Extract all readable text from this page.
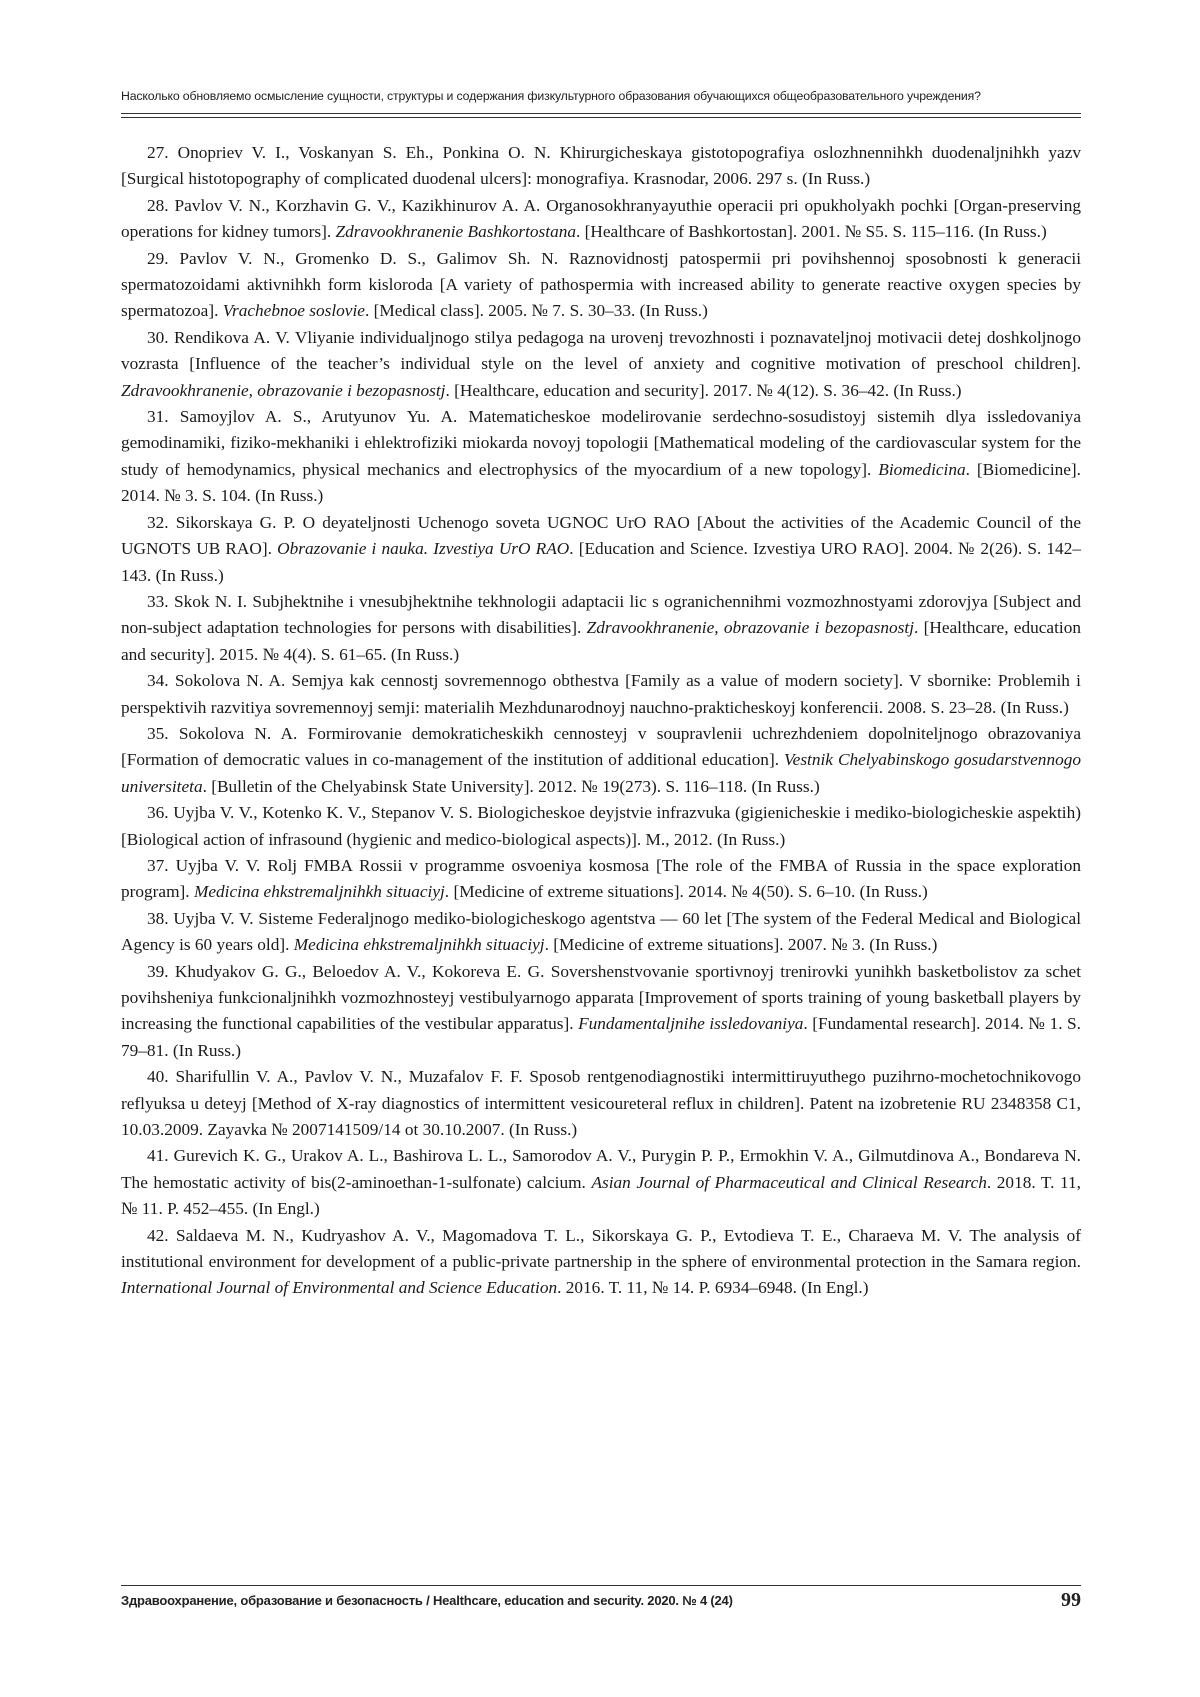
Насколько обновляемо осмысление сущности, структуры и содержания физкультурного образования обучающихся общеобразовательного учреждения?

27. Onopriev V. I., Voskanyan S. Eh., Ponkina O. N. Khirurgicheskaya gistotopografiya oslozhnennihkh duodenaljnihkh yazv [Surgical histotopography of complicated duodenal ulcers]: monografiya. Krasnodar, 2006. 297 s. (In Russ.)

28. Pavlov V. N., Korzhavin G. V., Kazikhinurov A. A. Organosokhranyayuthie operacii pri opukholyakh pochki [Organ-preserving operations for kidney tumors]. Zdravookhranenie Bashkortostana. [Healthcare of Bashkortostan]. 2001. № S5. S. 115–116. (In Russ.)

29. Pavlov V. N., Gromenko D. S., Galimov Sh. N. Raznovidnostj patospermii pri povihshennoj sposobnosti k generacii spermatozoidami aktivnihkh form kisloroda [A variety of pathospermia with increased ability to generate reactive oxygen species by spermatozoa]. Vrachebnoe soslovie. [Medical class]. 2005. № 7. S. 30–33. (In Russ.)

30. Rendikova A. V. Vliyanie individualjnogo stilya pedagoga na urovenj trevozhnosti i poznavateljnoj motivacii detej doshkoljnogo vozrasta [Influence of the teacher’s individual style on the level of anxiety and cognitive motivation of preschool children]. Zdravookhranenie, obrazovanie i bezopasnostj. [Healthcare, education and security]. 2017. № 4(12). S. 36–42. (In Russ.)

31. Samoyjlov A. S., Arutyunov Yu. A. Matematicheskoe modelirovanie serdechno-sosudistoyj sistemih dlya issledovaniya gemodinamiki, fiziko-mekhaniki i ehlektrofiziki miokarda novoyj topologii [Mathematical modeling of the cardiovascular system for the study of hemodynamics, physical mechanics and electrophysics of the myocardium of a new topology]. Biomedicina. [Biomedicine]. 2014. № 3. S. 104. (In Russ.)

32. Sikorskaya G. P. O deyateljnosti Uchenogo soveta UGNOC UrO RAO [About the activities of the Academic Council of the UGNOTS UB RAO]. Obrazovanie i nauka. Izvestiya UrO RAO. [Education and Science. Izvestiya URO RAO]. 2004. № 2(26). S. 142–143. (In Russ.)

33. Skok N. I. Subjhektnihe i vnesubjhektnihe tekhnologii adaptacii lic s ogranichennihmi vozmozhnostyami zdorovjya [Subject and non-subject adaptation technologies for persons with disabilities]. Zdravookhranenie, obrazovanie i bezopasnostj. [Healthcare, education and security]. 2015. № 4(4). S. 61–65. (In Russ.)

34. Sokolova N. A. Semjya kak cennostj sovremennogo obthestva [Family as a value of modern society]. V sbornike: Problemih i perspektivih razvitiya sovremennoyj semji: materialih Mezhdunarodnoyj nauchno-prakticheskoyj konferencii. 2008. S. 23–28. (In Russ.)

35. Sokolova N. A. Formirovanie demokraticheskikh cennosteyj v soupravlenii uchrezhdeniem dopolniteljnogo obrazovaniya [Formation of democratic values in co-management of the institution of additional education]. Vestnik Chelyabinskogo gosudarstvennogo universiteta. [Bulletin of the Chelyabinsk State University]. 2012. № 19(273). S. 116–118. (In Russ.)

36. Uyjba V. V., Kotenko K. V., Stepanov V. S. Biologicheskoe deyjstvie infrazvuka (gigienicheskie i mediko-biologicheskie aspektih) [Biological action of infrasound (hygienic and medico-biological aspects)]. M., 2012. (In Russ.)

37. Uyjba V. V. Rolj FMBA Rossii v programme osvoeniya kosmosa [The role of the FMBA of Russia in the space exploration program]. Medicina ehkstremaljnihkh situaciyj. [Medicine of extreme situations]. 2014. № 4(50). S. 6–10. (In Russ.)

38. Uyjba V. V. Sisteme Federaljnogo mediko-biologicheskogo agentstva — 60 let [The system of the Federal Medical and Biological Agency is 60 years old]. Medicina ehkstremaljnihkh situaciyj. [Medicine of extreme situations]. 2007. № 3. (In Russ.)

39. Khudyakov G. G., Beloedov A. V., Kokoreva E. G. Sovershenstvovanie sportivnoyj trenirovki yunihkh basketbolistov za schet povihsheniya funkcionaljnihkh vozmozhnosteyj vestibulyarnogo apparata [Improvement of sports training of young basketball players by increasing the functional capabilities of the vestibular apparatus]. Fundamentaljnihe issledovaniya. [Fundamental research]. 2014. № 1. S. 79–81. (In Russ.)

40. Sharifullin V. A., Pavlov V. N., Muzafalov F. F. Sposob rentgenodiagnostiki intermittiruyuthego puzihrno-mochetochnikovogo reflyuksa u deteyj [Method of X-ray diagnostics of intermittent vesicoureteral reflux in children]. Patent na izobretenie RU 2348358 C1, 10.03.2009. Zayavka № 2007141509/14 ot 30.10.2007. (In Russ.)

41. Gurevich K. G., Urakov A. L., Bashirova L. L., Samorodov A. V., Purygin P. P., Ermokhin V. A., Gilmutdinova A., Bondareva N. The hemostatic activity of bis(2-aminoethan-1-sulfonate) calcium. Asian Journal of Pharmaceutical and Clinical Research. 2018. T. 11, № 11. P. 452–455. (In Engl.)

42. Saldaeva M. N., Kudryashov A. V., Magomadova T. L., Sikorskaya G. P., Evtodieva T. E., Charaeva M. V. The analysis of institutional environment for development of a public-private partnership in the sphere of environmental protection in the Samara region. International Journal of Environmental and Science Education. 2016. T. 11, № 14. P. 6934–6948. (In Engl.)

Здравоохранение, образование и безопасность / Healthcare, education and security. 2020. № 4 (24)	99
